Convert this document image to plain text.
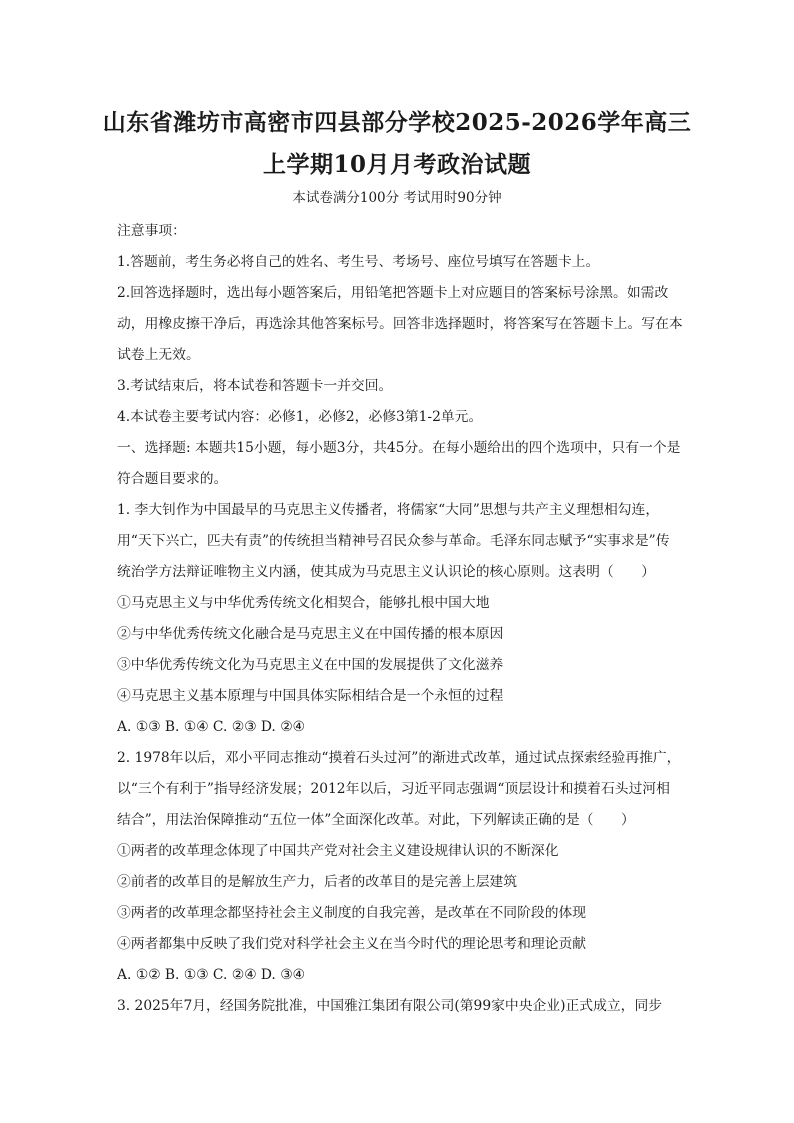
山东省潍坊市高密市四县部分学校2025-2026学年高三
上学期10月月考政治试题
本试卷满分100分 考试用时90分钟

注意事项：

1.答题前，考生务必将自己的姓名、考生号、考场号、座位号填写在答题卡上。

2.回答选择题时，选出每小题答案后，用铅笔把答题卡上对应题目的答案标号涂黑。如需改动，用橡皮擦干净后，再选涂其他答案标号。回答非选择题时，将答案写在答题卡上。写在本试卷上无效。

3.考试结束后，将本试卷和答题卡一并交回。

4.本试卷主要考试内容：必修1，必修2，必修3第1-2单元。

一、选择题: 本题共15小题，每小题3分，共45分。在每小题给出的四个选项中，只有一个是符合题目要求的。

1. 李大钊作为中国最早的马克思主义传播者，将儒家“大同”思想与共产主义理想相勾连，用“天下兴亡，匹夫有责”的传统担当精神号召民众参与革命。毛泽东同志赋予“实事求是”传统治学方法辩证唯物主义内涵，使其成为马克思主义认识论的核心原则。这表明（　　）

①马克思主义与中华优秀传统文化相契合，能够扎根中国大地

②与中华优秀传统文化融合是马克思主义在中国传播的根本原因

③中华优秀传统文化为马克思主义在中国的发展提供了文化滋养

④马克思主义基本原理与中国具体实际相结合是一个永恒的过程

A. ①③ B. ①④ C. ②③ D. ②④

2. 1978年以后，邓小平同志推动“摸着石头过河”的渐进式改革，通过试点探索经验再推广，以“三个有利于”指导经济发展；2012年以后，习近平同志强调“顶层设计和摸着石头过河相结合”，用法治保障推动“五位一体”全面深化改革。对此，下列解读正确的是（　　）

①两者的改革理念体现了中国共产党对社会主义建设规律认识的不断深化

②前者的改革目的是解放生产力，后者的改革目的是完善上层建筑

③两者的改革理念都坚持社会主义制度的自我完善，是改革在不同阶段的体现

④两者都集中反映了我们党对科学社会主义在当今时代的理论思考和理论贡献

A. ①② B. ①③ C. ②④ D. ③④

3. 2025年7月，经国务院批准，中国雅江集团有限公司(第99家中央企业)正式成立，同步
